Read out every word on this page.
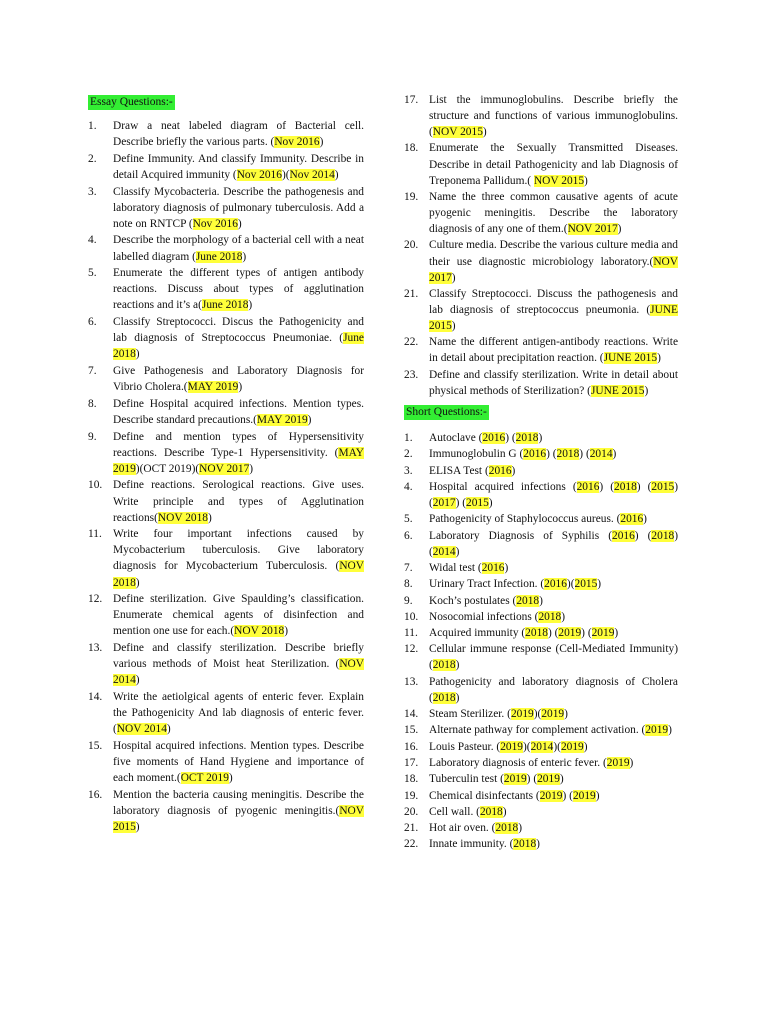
Essay Questions:-
1. Draw a neat labeled diagram of Bacterial cell. Describe briefly the various parts. (Nov 2016)
2. Define Immunity. And classify Immunity. Describe in detail Acquired immunity (Nov 2016)(Nov 2014)
3. Classify Mycobacteria. Describe the pathogenesis and laboratory diagnosis of pulmonary tuberculosis. Add a note on RNTCP (Nov 2016)
4. Describe the morphology of a bacterial cell with a neat labelled diagram (June 2018)
5. Enumerate the different types of antigen antibody reactions. Discuss about types of agglutination reactions and it’s a(June 2018)
6. Classify Streptococci. Discus the Pathogenicity and lab diagnosis of Streptococcus Pneumoniae. (June 2018)
7. Give Pathogenesis and Laboratory Diagnosis for Vibrio Cholera.(MAY 2019)
8. Define Hospital acquired infections. Mention types. Describe standard precautions.(MAY 2019)
9. Define and mention types of Hypersensitivity reactions. Describe Type-1 Hypersensitivity. (MAY 2019)(OCT 2019)(NOV 2017)
10. Define reactions. Serological reactions. Give uses. Write principle and types of Agglutination reactions(NOV 2018)
11. Write four important infections caused by Mycobacterium tuberculosis. Give laboratory diagnosis for Mycobacterium Tuberculosis. (NOV 2018)
12. Define sterilization. Give Spaulding’s classification. Enumerate chemical agents of disinfection and mention one use for each.(NOV 2018)
13. Define and classify sterilization. Describe briefly various methods of Moist heat Sterilization. (NOV 2014)
14. Write the aetiolgical agents of enteric fever. Explain the Pathogenicity And lab diagnosis of enteric fever.(NOV 2014)
15. Hospital acquired infections. Mention types. Describe five moments of Hand Hygiene and importance of each moment.(OCT 2019)
16. Mention the bacteria causing meningitis. Describe the laboratory diagnosis of pyogenic meningitis.(NOV 2015)
17. List the immunoglobulins. Describe briefly the structure and functions of various immunoglobulins.(NOV 2015)
18. Enumerate the Sexually Transmitted Diseases. Describe in detail Pathogenicity and lab Diagnosis of Treponema Pallidum.( NOV 2015)
19. Name the three common causative agents of acute pyogenic meningitis. Describe the laboratory diagnosis of any one of them.(NOV 2017)
20. Culture media. Describe the various culture media and their use diagnostic microbiology laboratory.(NOV 2017)
21. Classify Streptococci. Discuss the pathogenesis and lab diagnosis of streptococcus pneumonia. (JUNE 2015)
22. Name the different antigen-antibody reactions. Write in detail about precipitation reaction. (JUNE 2015)
23. Define and classify sterilization. Write in detail about physical methods of Sterilization? (JUNE 2015)
Short Questions:-
1. Autoclave (2016) (2018)
2. Immunoglobulin G (2016) (2018) (2014)
3. ELISA Test (2016)
4. Hospital acquired infections (2016) (2018) (2015) (2017) (2015)
5. Pathogenicity of Staphylococcus aureus. (2016)
6. Laboratory Diagnosis of Syphilis (2016) (2018) (2014)
7. Widal test (2016)
8. Urinary Tract Infection. (2016)(2015)
9. Koch’s postulates (2018)
10. Nosocomial infections (2018)
11. Acquired immunity (2018) (2019) (2019)
12. Cellular immune response (Cell-Mediated Immunity) (2018)
13. Pathogenicity and laboratory diagnosis of Cholera (2018)
14. Steam Sterilizer. (2019)(2019)
15. Alternate pathway for complement activation. (2019)
16. Louis Pasteur. (2019)(2014)(2019)
17. Laboratory diagnosis of enteric fever. (2019)
18. Tuberculin test (2019) (2019)
19. Chemical disinfectants (2019) (2019)
20. Cell wall. (2018)
21. Hot air oven. (2018)
22. Innate immunity. (2018)
